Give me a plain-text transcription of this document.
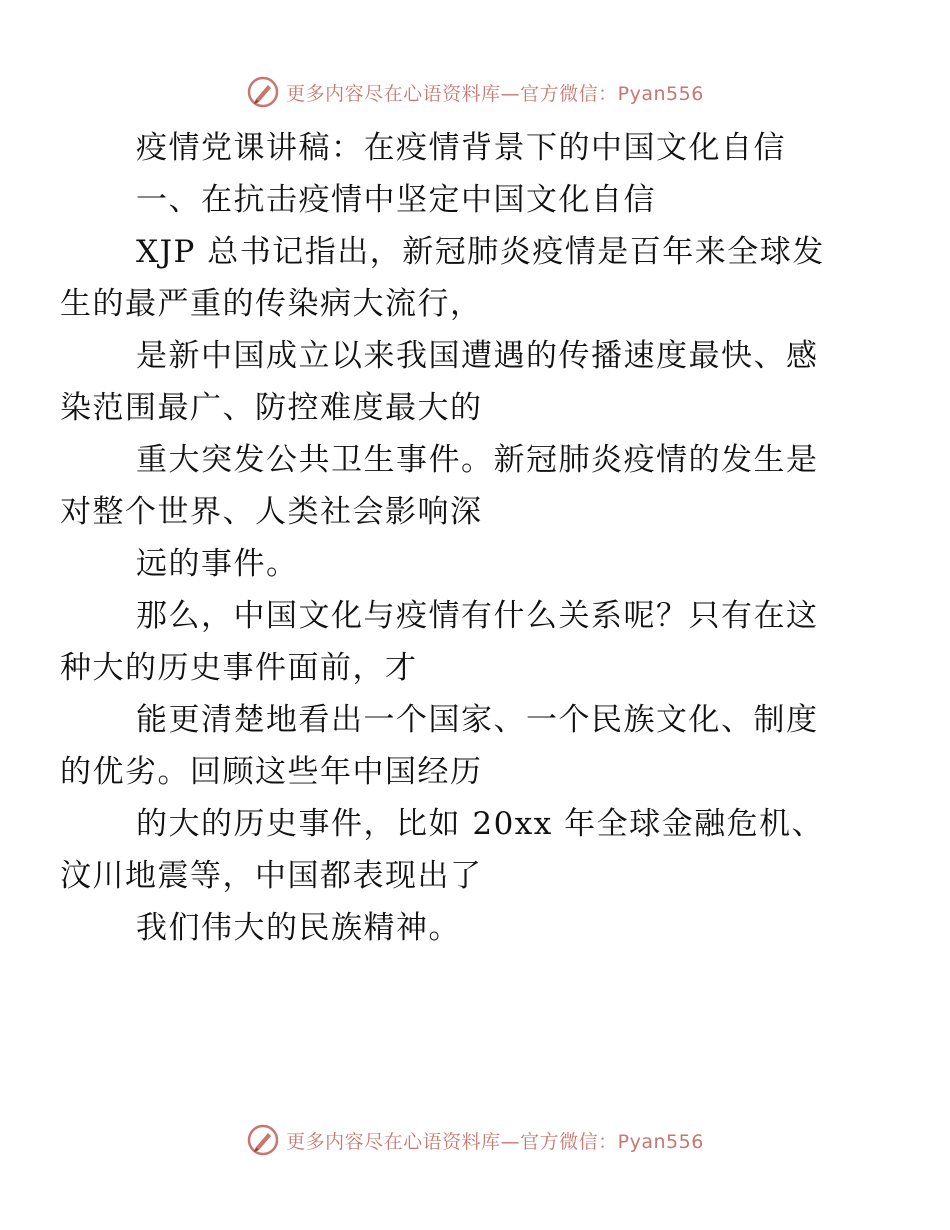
更多内容尽在心语资料库—官方微信：Pyan556
疫情党课讲稿：在疫情背景下的中国文化自信
一、在抗击疫情中坚定中国文化自信
XJP 总书记指出，新冠肺炎疫情是百年来全球发
生的最严重的传染病大流行，
是新中国成立以来我国遭遇的传播速度最快、感
染范围最广、防控难度最大的
重大突发公共卫生事件。新冠肺炎疫情的发生是
对整个世界、人类社会影响深
远的事件。
那么，中国文化与疫情有什么关系呢？只有在这
种大的历史事件面前，才
能更清楚地看出一个国家、一个民族文化、制度
的优劣。回顾这些年中国经历
的大的历史事件，比如 20xx 年全球金融危机、
汶川地震等，中国都表现出了
我们伟大的民族精神。
更多内容尽在心语资料库—官方微信：Pyan556
